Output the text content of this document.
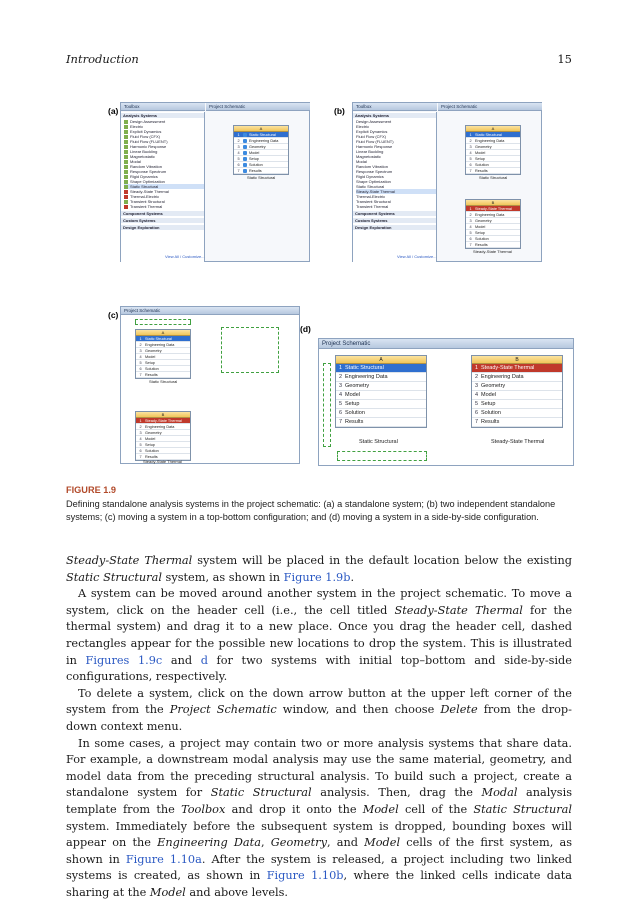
Introduction	15
(a)	Toolbox	Project Schematic
Analysis Systems
Design Assessment
Electric
Explicit Dynamics
Fluid Flow (CFX)
Fluid Flow (FLUENT)
Harmonic Response
Linear Buckling
Magnetostatic
Modal
Random Vibration
Response Spectrum
Rigid Dynamics
Shape Optimization
Static Structural
Steady-State Thermal
Thermal-Electric
Transient Structural
Transient Thermal
Component Systems
Custom Systems
Design Exploration
View All / Customize...
A
1	Static Structural
2	Engineering Data
3	Geometry
4	Model
5	Setup
6	Solution
7	Results
Static Structural
(b)	Toolbox	Project Schematic
Analysis Systems
Design Assessment
Electric
Explicit Dynamics
Fluid Flow (CFX)
Fluid Flow (FLUENT)
Harmonic Response
Linear Buckling
Magnetostatic
Modal
Random Vibration
Response Spectrum
Rigid Dynamics
Shape Optimization
Static Structural
Steady-State Thermal
Thermal-Electric
Transient Structural
Transient Thermal
Component Systems
Custom Systems
Design Exploration
View All / Customize...
A
1 Static Structural
2 Engineering Data
3 Geometry
4 Model
5 Setup
6 Solution
7 Results
Static Structural
B
1 Steady-State Thermal
2 Engineering Data
3 Geometry
4 Model
5 Setup
6 Solution
7 Results
Steady-State Thermal
(c)	Project Schematic
A
1 Static Structural
2 Engineering Data
3 Geometry
4 Model
5 Setup
6 Solution
7 Results
Static Structural
B
1 Steady-State Thermal
2 Engineering Data
3 Geometry
4 Model
5 Setup
6 Solution
7 Results
Steady-State Thermal
(d)
Project Schematic
A
1 Static Structural
2 Engineering Data
3 Geometry
4 Model
5 Setup
6 Solution
7 Results
Static Structural
B
1 Steady-State Thermal
2 Engineering Data
3 Geometry
4 Model
5 Setup
6 Solution
7 Results
Steady-State Thermal
FIGURE 1.9
Defining standalone analysis systems in the project schematic: (a) a standalone system; (b) two independent standalone systems; (c) moving a system in a top-bottom configuration; and (d) moving a system in a side-by-side configuration.

Steady-State Thermal system will be placed in the default location below the existing Static Structural system, as shown in Figure 1.9b.

A system can be moved around another system in the project schematic. To move a system, click on the header cell (i.e., the cell titled Steady-State Thermal for the thermal system) and drag it to a new place. Once you drag the header cell, dashed rectangles appear for the possible new locations to drop the system. This is illustrated in Figures 1.9c and d for two systems with initial top–bottom and side-by-side configurations, respectively.

To delete a system, click on the down arrow button at the upper left corner of the system from the Project Schematic window, and then choose Delete from the drop-down context menu.

In some cases, a project may contain two or more analysis systems that share data. For example, a downstream modal analysis may use the same material, geometry, and model data from the preceding structural analysis. To build such a project, create a standalone system for Static Structural analysis. Then, drag the Modal analysis template from the Toolbox and drop it onto the Model cell of the Static Structural system. Immediately before the subsequent system is dropped, bounding boxes will appear on the Engineering Data, Geometry, and Model cells of the first system, as shown in Figure 1.10a. After the system is released, a project including two linked systems is created, as shown in Figure 1.10b, where the linked cells indicate data sharing at the Model and above levels.
